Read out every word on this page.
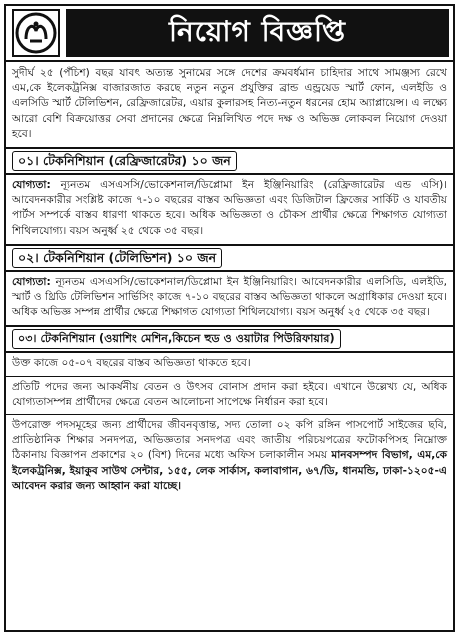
নিয়োগ বিজ্ঞপ্তি
সুদীর্ঘ ২৫ (পঁচিশ) বছর যাবৎ অত্যন্ত সুনামের সঙ্গে দেশের ক্রমবর্ধমান চাহিদার সাথে সামঞ্জস্য রেখে এম,কে ইলেকট্রনিক্স বাজারজাত করছে নতুন নতুন প্রযুক্তির ব্রান্ড এন্ড্রয়েড স্মার্ট ফোন, এলইডি ও এলসিডি স্মার্ট টেলিভিশন, রেফ্রিজারেটর, এয়ার কুলারসহ নিত্য-নতুন ধরনের হোম অ্যাপ্লায়েন্স। এ লক্ষ্যে আরো বেশি বিক্রয়োত্তর সেবা প্রদানের ক্ষেত্রে নিম্নলিখিত পদে দক্ষ ও অভিজ্ঞ লোকবল নিয়োগ দেওয়া হবে।
০১। টেকনিশিয়ান (রেফ্রিজারেটর) ১০ জন
যোগ্যতা: ন্যূনতম এসএসসি/ভোকেশনাল/ডিপ্লোমা ইন ইঞ্জিনিয়ারিং (রেফ্রিজারেটর এন্ড এসি)। আবেদনকারীর সংশ্লিষ্ট কাজে ৭-১০ বছরের বাস্তব অভিজ্ঞতা এবং ডিজিটাল ফ্রিজের সার্কিট ও যাবতীয় পার্টস সম্পর্কে বাস্তব ধারণা থাকতে হবে। অধিক অভিজ্ঞতা ও চৌকস প্রার্থীর ক্ষেত্রে শিক্ষাগত যোগ্যতা শিথিলযোগ্য। বয়স অনুর্ধ্ব ২৫ থেকে ৩৫ বছর।
০২। টেকনিশিয়ান (টেলিভিশন) ১০ জন
যোগ্যতা: ন্যূনতম এসএসসি/ভোকেশনাল/ডিপ্লোমা ইন ইঞ্জিনিয়ারিং। আবেদনকারীর এলসিডি, এলইডি, স্মার্ট ও থ্রিডি টেলিভিশন সার্ভিসিং কাজে ৭-১০ বছরের বাস্তব অভিজ্ঞতা থাকলে অগ্রাধিকার দেওয়া হবে। অধিক অভিজ্ঞ সম্পন্ন প্রার্থীর ক্ষেত্রে শিক্ষাগত যোগ্যতা শিথিলযোগ্য। বয়স অনুর্ধ্ব ২৫ থেকে ৩৫ বছর।
০৩। টেকনিশিয়ান (ওয়াশিং মেশিন,কিচেন হুড ও ওয়াটার পিউরিফায়ার)
উক্ত কাজে ০৫-০৭ বছরের বাস্তব অভিজ্ঞতা থাকতে হবে।
প্রতিটি পদের জন্য আকর্ষনীয় বেতন ও উৎসব বোনাস প্রদান করা হইবে। এখানে উল্লেখ্য যে, অধিক যোগ্যতাসম্পন্ন প্রার্থীদের ক্ষেত্রে বেতন আলোচনা সাপেক্ষে নির্ধারন করা হবে।
উপরোক্ত পদসমূহের জন্য প্রার্থীদের জীবনবৃত্তান্ত, সদ্য তোলা ০২ কপি রঙ্গিন পাসপোর্ট সাইজের ছবি, প্রাতিষ্ঠানিক শিক্ষার সনদপত্র, অভিজ্ঞতার সনদপত্র এবং জাতীয় পরিচয়পত্রের ফটোকপিসহ নিম্নোক্ত ঠিকানায় বিজ্ঞাপন প্রকাশের ২০ (বিশ) দিনের মধ্যে অফিস চলাকালীন সময় মানবসম্পদ বিভাগ, এম,কে ইলেকট্রনিক্স, ইয়াকুব সাউথ সেন্টার, ১৫৫, লেক সার্কাস, কলাবাগান, ৬৭/ডি, ধানমন্ডি, ঢাকা-১২০৫-এ আবেদন করার জন্য আহ্বান করা যাচ্ছে।
